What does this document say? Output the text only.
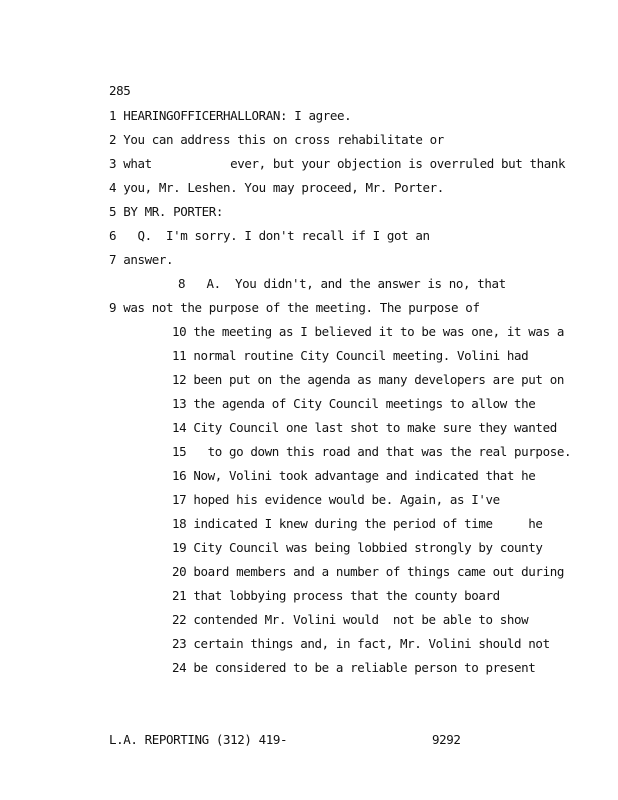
285
1 HEARINGOFFICERHALLORAN: I agree.
2 You can address this on cross rehabilitate or
3 what           ever, but your objection is overruled but thank
4 you, Mr. Leshen. You may proceed, Mr. Porter.
5 BY MR. PORTER:
6   Q.  I'm sorry. I don't recall if I got an
7 answer.
8   A.  You didn't, and the answer is no, that
9 was not the purpose of the meeting. The purpose of
10 the meeting as I believed it to be was one, it was a
11 normal routine City Council meeting. Volini had
12 been put on the agenda as many developers are put on
13 the agenda of City Council meetings to allow the
14 City Council one last shot to make sure they wanted
15   to go down this road and that was the real purpose.
16 Now, Volini took advantage and indicated that he
17 hoped his evidence would be. Again, as I've
18 indicated I knew during the period of time     he
19 City Council was being lobbied strongly by county
20 board members and a number of things came out during
21 that lobbying process that the county board
22 contended Mr. Volini would  not be able to show
23 certain things and, in fact, Mr. Volini should not
24 be considered to be a reliable person to present
L.A. REPORTING (312) 419-	9292
